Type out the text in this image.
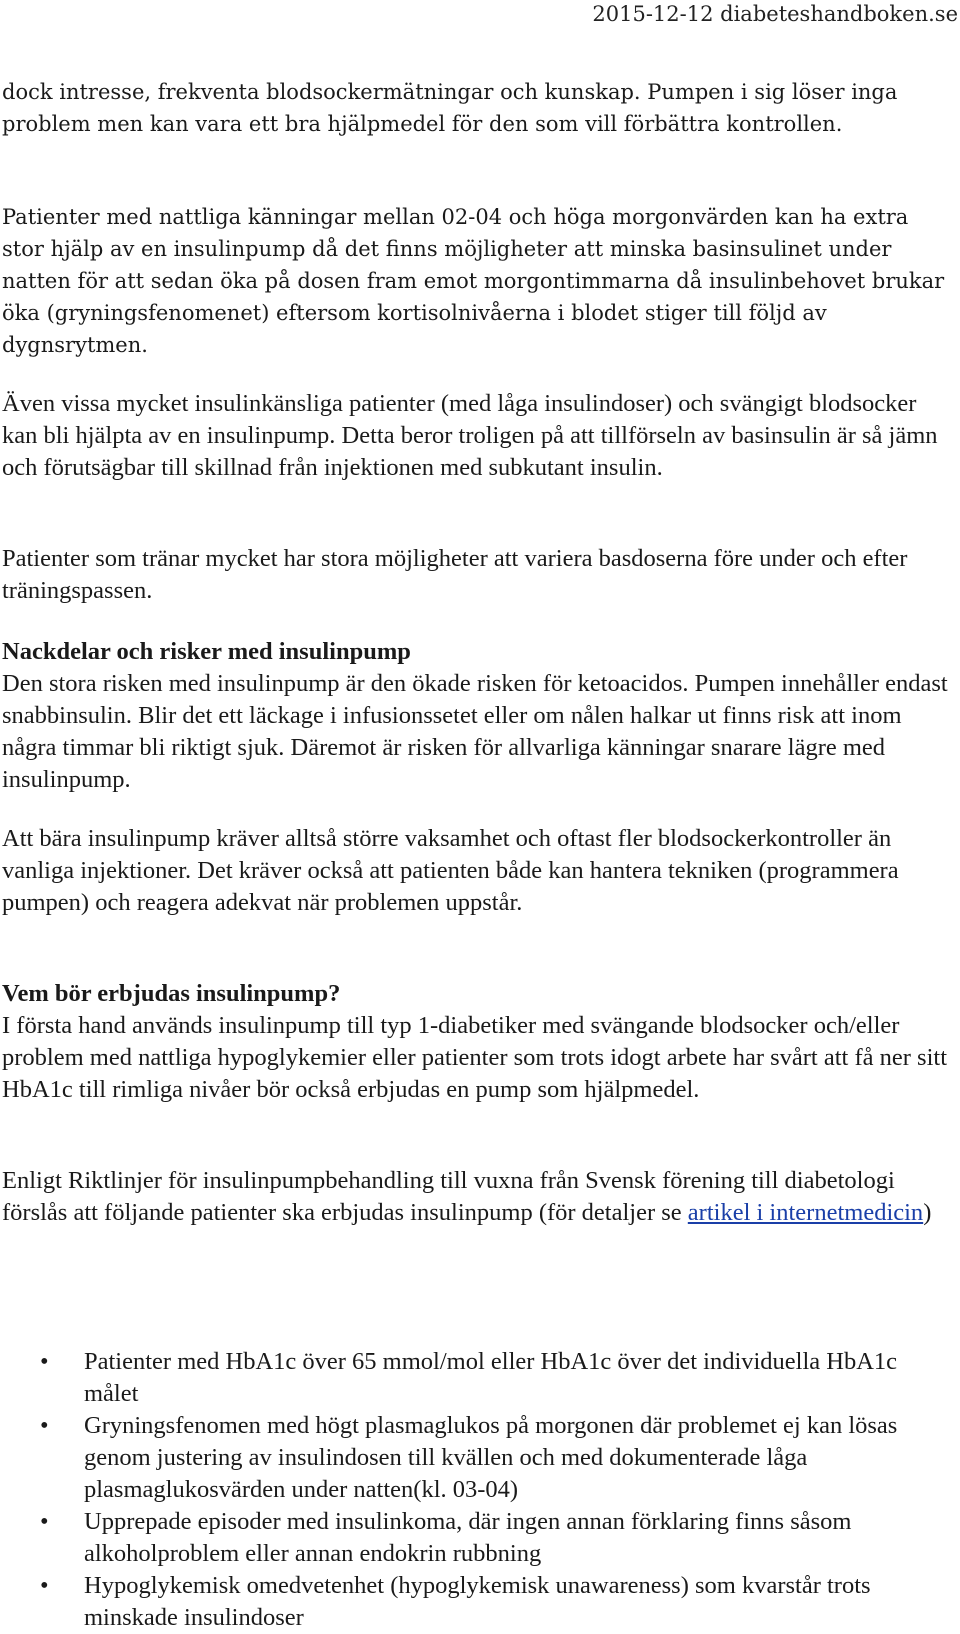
2015-12-12 diabeteshandboken.se

dock intresse, frekventa blodsockermätningar och kunskap. Pumpen i sig löser inga problem men kan vara ett bra hjälpmedel för den som vill förbättra kontrollen.

Patienter med nattliga känningar mellan 02-04 och höga morgonvärden kan ha extra stor hjälp av en insulinpump då det finns möjligheter att minska basinsulinet under natten för att sedan öka på dosen fram emot morgontimmarna då insulinbehovet brukar öka (gryningsfenomenet) eftersom kortisolnivåerna i blodet stiger till följd av dygnsrytmen.

Även vissa mycket insulinkänsliga patienter (med låga insulindoser) och svängigt blodsocker kan bli hjälpta av en insulinpump. Detta beror troligen på att tillförseln av basinsulin är så jämn och förutsägbar till skillnad från injektionen med subkutant insulin.

Patienter som tränar mycket har stora möjligheter att variera basdoserna före under och efter träningspassen.

Nackdelar och risker med insulinpump
Den stora risken med insulinpump är den ökade risken för ketoacidos. Pumpen innehåller endast snabbinsulin. Blir det ett läckage i infusionssetet eller om nålen halkar ut finns risk att inom några timmar bli riktigt sjuk. Däremot är risken för allvarliga känningar snarare lägre med insulinpump.

Att bära insulinpump kräver alltså större vaksamhet och oftast fler blodsockerkontroller än vanliga injektioner. Det kräver också att patienten både kan hantera tekniken (programmera pumpen) och reagera adekvat när problemen uppstår.

Vem bör erbjudas insulinpump?
I första hand används insulinpump till typ 1-diabetiker med svängande blodsocker och/eller problem med nattliga hypoglykemier eller patienter som trots idogt arbete har svårt att få ner sitt HbA1c till rimliga nivåer bör också erbjudas en pump som hjälpmedel.

Enligt Riktlinjer för insulinpumpbehandling till vuxna från Svensk förening till diabetologi förslås att följande patienter ska erbjudas insulinpump (för detaljer se artikel i internetmedicin)

• Patienter med HbA1c över 65 mmol/mol eller HbA1c över det individuella HbA1c målet
• Gryningsfenomen med högt plasmaglukos på morgonen där problemet ej kan lösas genom justering av insulindosen till kvällen och med dokumenterade låga plasmaglukosvärden under natten(kl. 03-04)
• Upprepade episoder med insulinkoma, där ingen annan förklaring finns såsom alkoholproblem eller annan endokrin rubbning
• Hypoglykemisk omedvetenhet (hypoglykemisk unawareness) som kvarstår trots minskade insulindoser
